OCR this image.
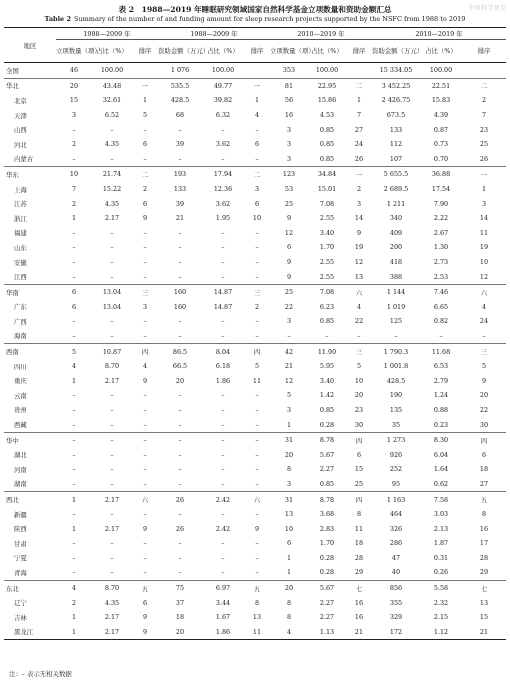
表 2　1988—2019 年睡眠研究领域国家自然科学基金立项数量和资助金额汇总
Table 2 Summary of the number of and funding amount for sleep research projects supported by the NSFC from 1988 to 2019
中国科学基金
地区	1988—2009 年			1988—2009 年			2010—2019 年			2010—2019 年		
	立项数量（项）	占比（%）	排序	资助金额（万元）	占比（%）	排序	立项数量（项）	占比（%）	排序	资助金额（万元）	占比（%）	排序
全国	46	100.00		1 076	100.00		353	100.00		15 334.05	100.00	
华北	20	43.48	一	535.5	49.77	一	81	22.95	二	3 452.25	22.51	二
北京	15	32.61	1	428.5	39.82	1	56	15.86	1	2 426.75	15.83	2
天津	3	6.52	5	68	6.32	4	16	4.53	7	673.5	4.39	7
山西	–	–	–	–	–	–	3	0.85	27	133	0.87	23
河北	2	4.35	6	39	3.62	6	3	0.85	24	112	0.73	25
内蒙古	–	–	–	–	–	–	3	0.85	26	107	0.70	26
华东	10	21.74	二	193	17.94	二	123	34.84	一	5 655.5	36.88	一
上海	7	15.22	2	133	12.36	3	53	15.01	2	2 689.5	17.54	1
江苏	2	4.35	6	39	3.62	6	25	7.08	3	1 211	7.90	3
浙江	1	2.17	9	21	1.95	10	9	2.55	14	340	2.22	14
福建	–	–	–	–	–	–	12	3.40	9	409	2.67	11
山东	–	–	–	–	–	–	6	1.70	19	200	1.30	19
安徽	–	–	–	–	–	–	9	2.55	12	418	2.73	10
江西	–	–	–	–	–	–	9	2.55	13	388	2.53	12
华南	6	13.04	三	160	14.87	三	25	7.08	六	1 144	7.46	六
广东	6	13.04	3	160	14.87	2	22	6.23	4	1 019	6.65	4
广西	–	–	–	–	–	–	3	0.85	22	125	0.82	24
海南	–	–	–	–	–	–	–	–	–	–	–	–
西南	5	10.87	四	86.5	8.04	四	42	11.90	三	1 790.3	11.68	三
四川	4	8.70	4	66.5	6.18	5	21	5.95	5	1 001.8	6.53	5
重庆	1	2.17	9	20	1.86	11	12	3.40	10	428.5	2.79	9
云南	–	–	–	–	–	–	5	1.42	20	190	1.24	20
贵州	–	–	–	–	–	–	3	0.85	23	135	0.88	22
西藏	–	–	–	–	–	–	1	0.28	30	35	0.23	30
华中	–	–	–	–	–	–	31	8.78	四	1 273	8.30	四
湖北	–	–	–	–	–	–	20	5.67	6	926	6.04	6
河南	–	–	–	–	–	–	8	2.27	15	252	1.64	18
湖南	–	–	–	–	–	–	3	0.85	25	95	0.62	27
西北	1	2.17	六	26	2.42	六	31	8.78	四	1 163	7.58	五
新疆	–	–	–	–	–	–	13	3.68	8	464	3.03	8
陕西	1	2.17	9	26	2.42	9	10	2.83	11	326	2.13	16
甘肃	–	–	–	–	–	–	6	1.70	18	286	1.87	17
宁夏	–	–	–	–	–	–	1	0.28	28	47	0.31	28
青海	–	–	–	–	–	–	1	0.28	29	40	0.26	29
东北	4	8.70	五	75	6.97	五	20	5.67	七	856	5.58	七
辽宁	2	4.35	6	37	3.44	8	8	2.27	16	355	2.32	13
吉林	1	2.17	9	18	1.67	13	8	2.27	16	329	2.15	15
黑龙江	1	2.17	9	20	1.86	11	4	1.13	21	172	1.12	21
注：– 表示无相关数据
